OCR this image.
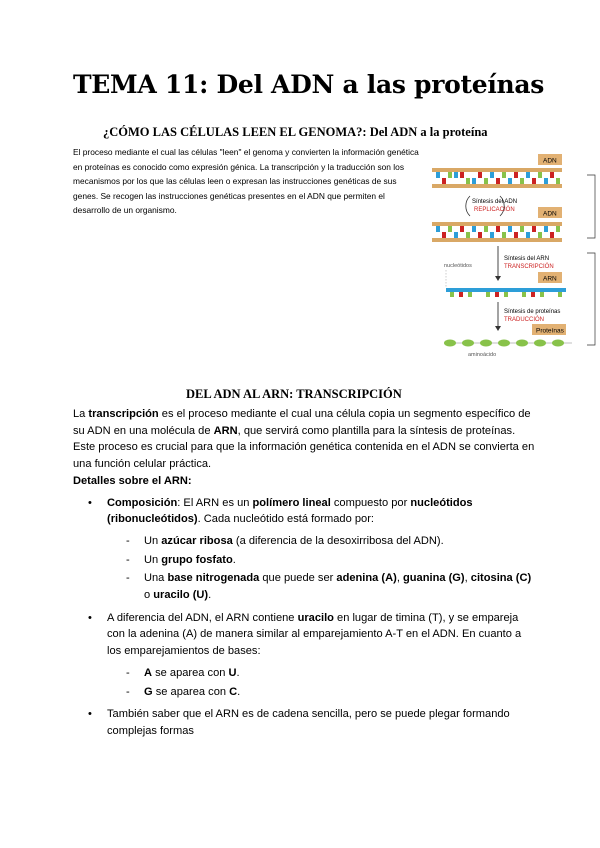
TEMA 11: Del ADN a las proteínas
¿CÓMO LAS CÉLULAS LEEN EL GENOMA?: Del ADN a la proteína

El proceso mediante el cual las células "leen" el genoma y convierten la información genética en proteínas es conocido como expresión génica. La transcripción y la traducción son los mecanismos por los que las células leen o expresan las instrucciones genéticas de sus genes. Se recogen las instrucciones genéticas presentes en el ADN que permiten el desarrollo de un organismo.

ADN
Síntesis del ADN
REPLICACIÓN
ADN
Síntesis del ARN
TRANSCRIPCIÓN
ARN
nucleótidos
Síntesis de proteínas
TRADUCCIÓN
Proteínas
aminoácido
DEL ADN AL ARN: TRANSCRIPCIÓN

La transcripción es el proceso mediante el cual una célula copia un segmento específico de su ADN en una molécula de ARN, que servirá como plantilla para la síntesis de proteínas. Este proceso es crucial para que la información genética contenida en el ADN se convierta en una función celular práctica.

Detalles sobre el ARN:

• Composición: El ARN es un polímero lineal compuesto por nucleótidos (ribonucleótidos). Cada nucleótido está formado por:
- Un azúcar ribosa (a diferencia de la desoxirribosa del ADN).
- Un grupo fosfato.
- Una base nitrogenada que puede ser adenina (A), guanina (G), citosina (C) o uracilo (U).
• A diferencia del ADN, el ARN contiene uracilo en lugar de timina (T), y se empareja con la adenina (A) de manera similar al emparejamiento A-T en el ADN. En cuanto a los emparejamientos de bases:
- A se aparea con U.
- G se aparea con C.
• También saber que el ARN es de cadena sencilla, pero se puede plegar formando complejas formas
